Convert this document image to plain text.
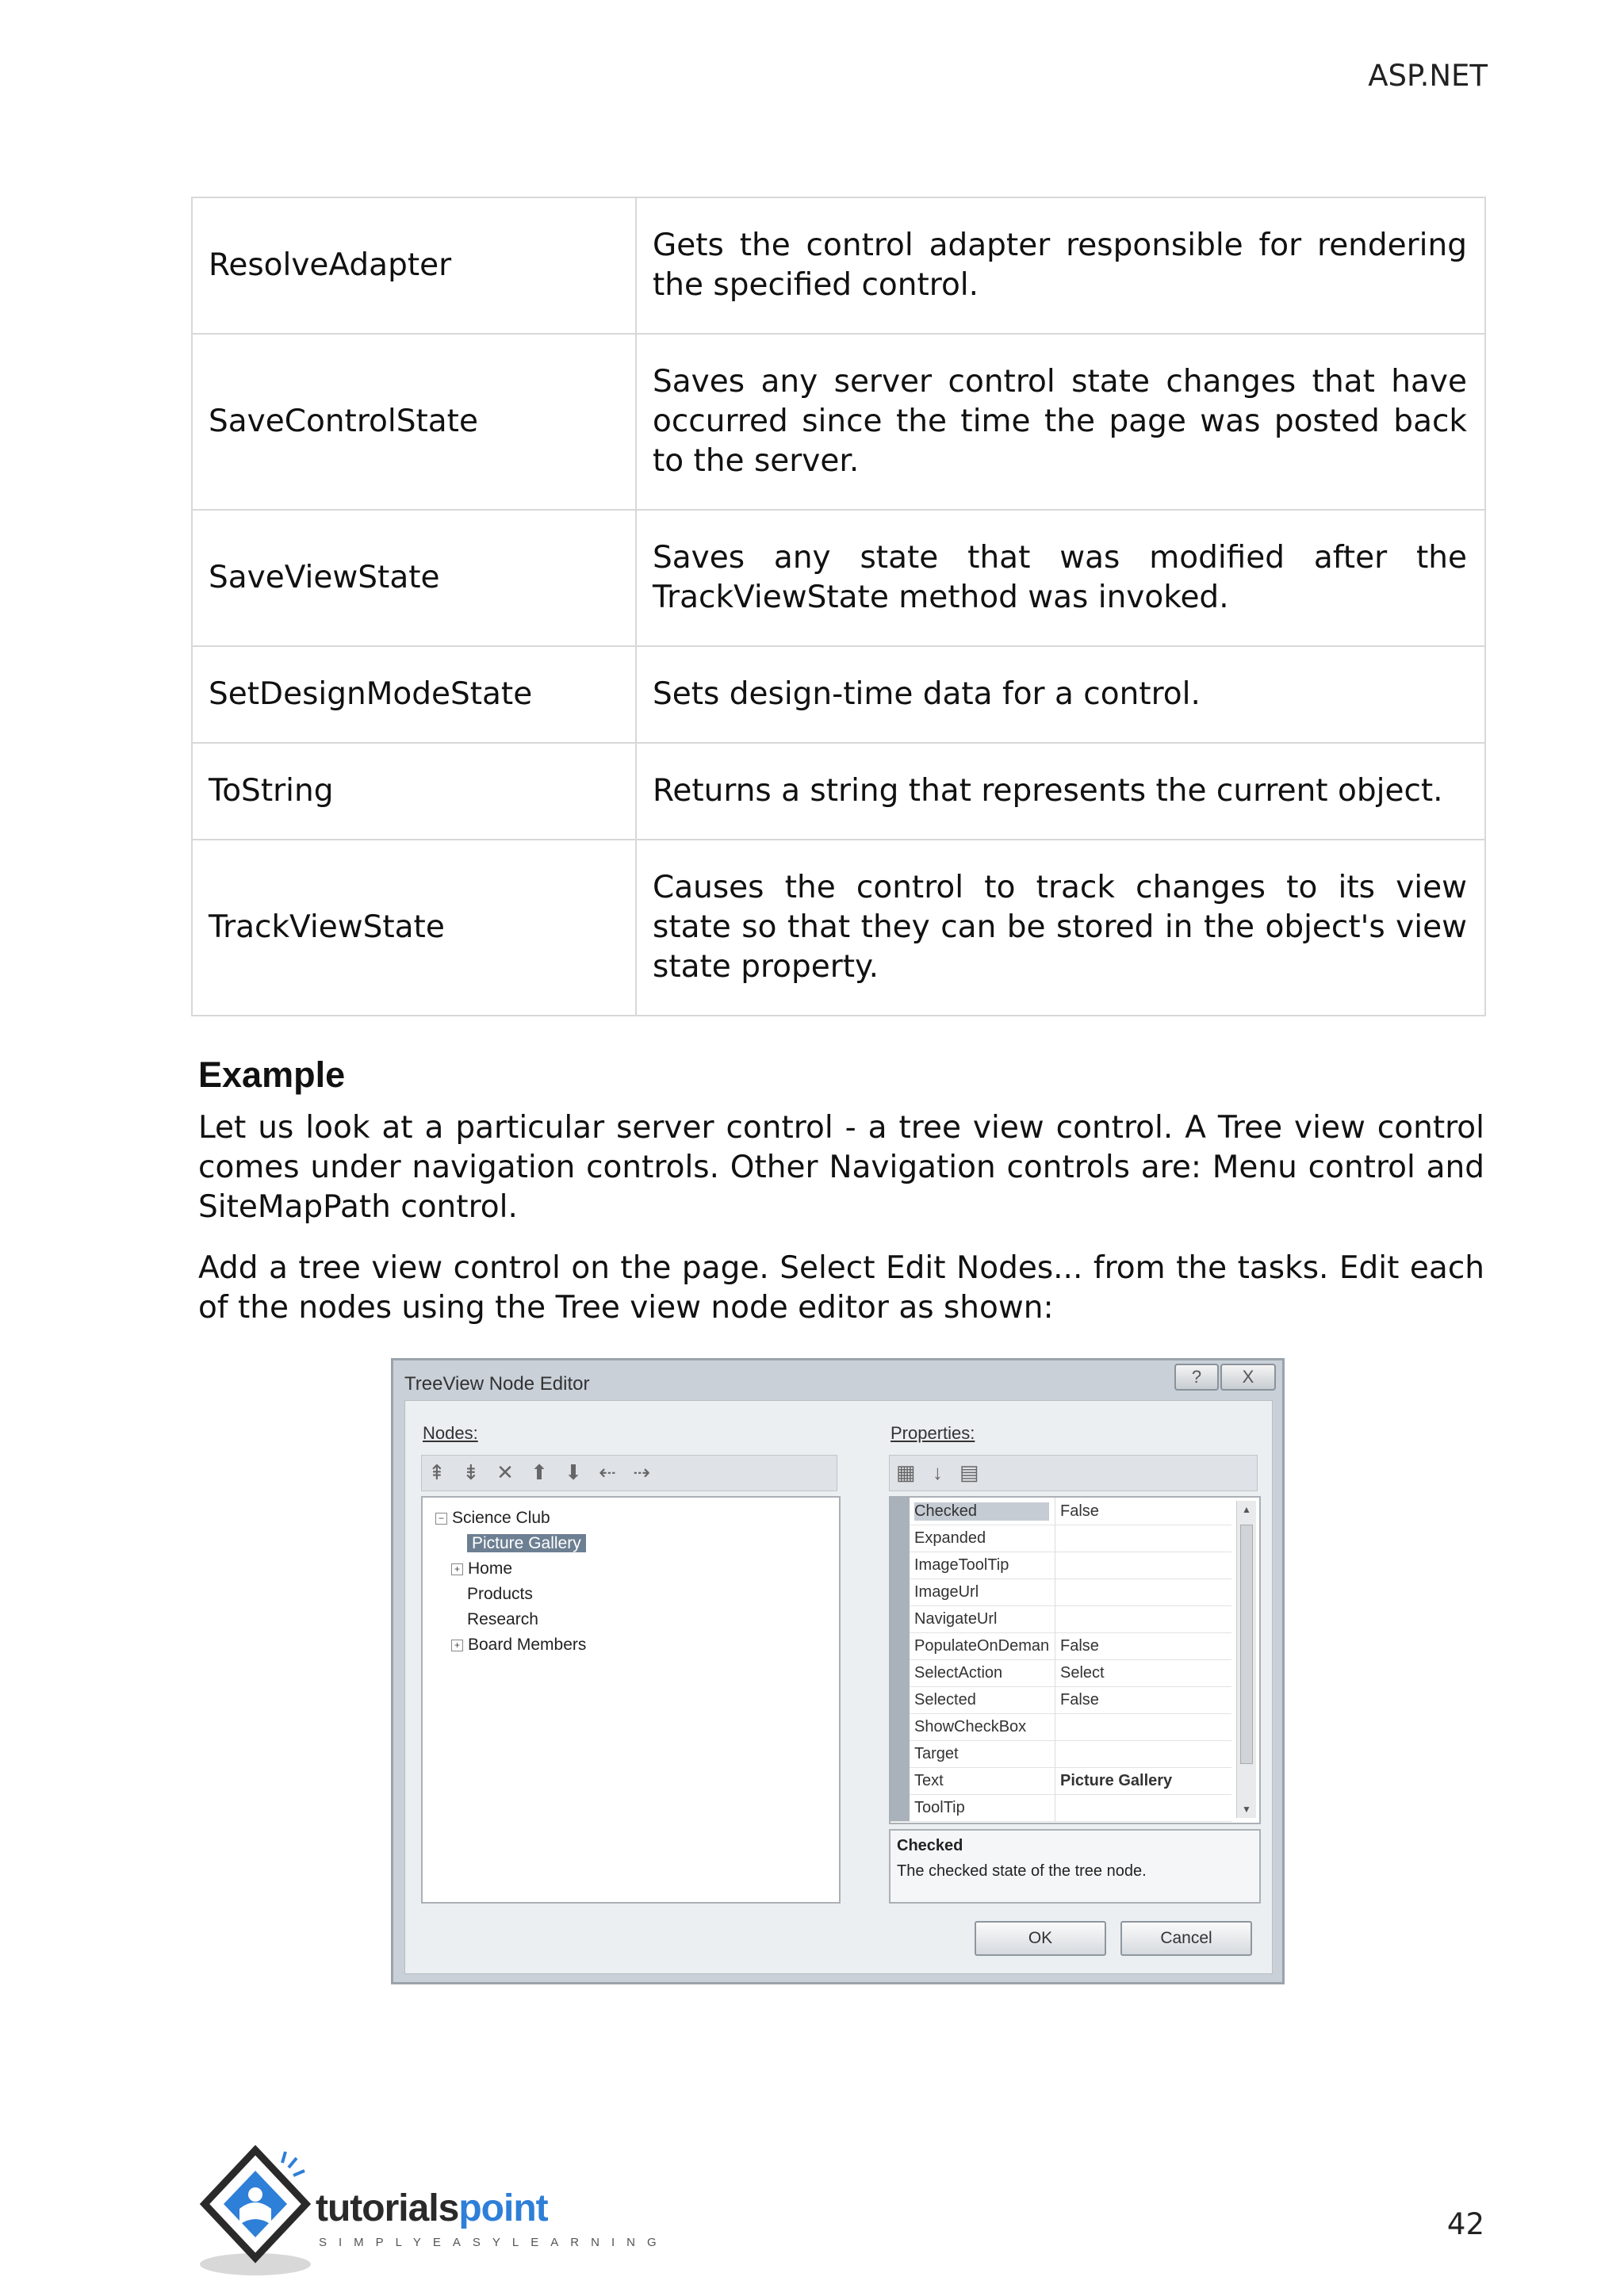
ASP.NET
ResolveAdapter	Gets the control adapter responsible for rendering the specified control.
SaveControlState	Saves any server control state changes that have occurred since the time the page was posted back to the server.
SaveViewState	Saves any state that was modified after the TrackViewState method was invoked.
SetDesignModeState	Sets design-time data for a control.
ToString	Returns a string that represents the current object.
TrackViewState	Causes the control to track changes to its view state so that they can be stored in the object's view state property.
Example
Let us look at a particular server control - a tree view control. A Tree view control comes under navigation controls. Other Navigation controls are: Menu control and SiteMapPath control.
Add a tree view control on the page. Select Edit Nodes... from the tasks. Edit each of the nodes using the Tree view node editor as shown:
TreeView Node Editor	?	X
Nodes:	Properties:
⇞ ⇟ ✕ ⬆ ⬇ ⇠ ⇢	▦ ↓ ▤
− Science Club
Picture Gallery
+ Home
Products
Research
+ Board Members
Checked	False
Expanded
ImageToolTip
ImageUrl
NavigateUrl
PopulateOnDeman False
SelectAction	Select
Selected	False
ShowCheckBox
Target
Text	Picture Gallery
ToolTip
▲
▼
Checked
The checked state of the tree node.
OK	Cancel
tutorialspoint
SIMPLYEASYLEARNING
42
